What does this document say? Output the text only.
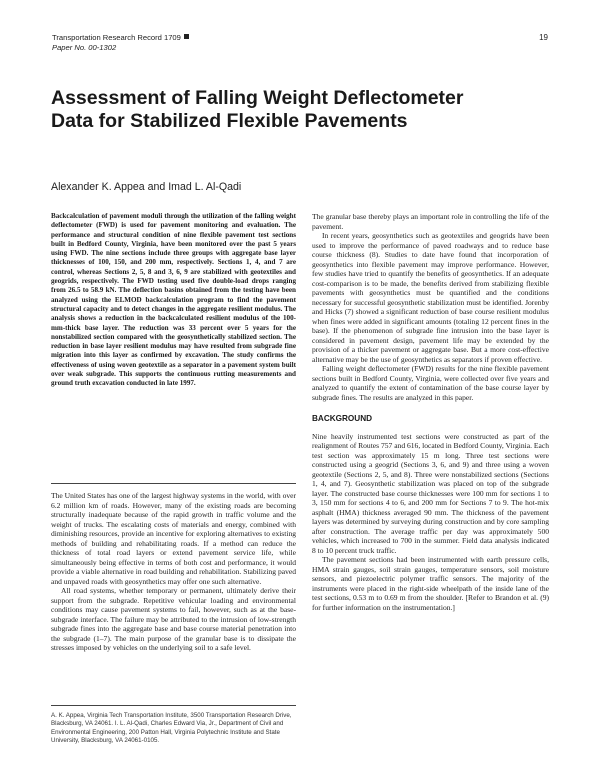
Transportation Research Record 1709
Paper No. 00-1302
19
Assessment of Falling Weight Deflectometer Data for Stabilized Flexible Pavements
Alexander K. Appea and Imad L. Al-Qadi

Backcalculation of pavement moduli through the utilization of the falling weight deflectometer (FWD) is used for pavement monitoring and evaluation. The performance and structural condition of nine flexible pavement test sections built in Bedford County, Virginia, have been monitored over the past 5 years using FWD. The nine sections include three groups with aggregate base layer thicknesses of 100, 150, and 200 mm, respectively. Sections 1, 4, and 7 are control, whereas Sections 2, 5, 8 and 3, 6, 9 are stabilized with geotextiles and geogrids, respectively. The FWD testing used five double-load drops ranging from 26.5 to 58.9 kN. The deflection basins obtained from the testing have been analyzed using the ELMOD backcalculation program to find the pavement structural capacity and to detect changes in the aggregate resilient modulus. The analysis shows a reduction in the backcalculated resilient modulus of the 100-mm-thick base layer. The reduction was 33 percent over 5 years for the nonstabilized section compared with the geosynthetically stabilized section. The reduction in base layer resilient modulus may have resulted from subgrade fine migration into this layer as confirmed by excavation. The study confirms the effectiveness of using woven geotextile as a separator in a pavement system built over weak subgrade. This supports the continuous rutting measurements and ground truth excavation conducted in late 1997.

The United States has one of the largest highway systems in the world, with over 6.2 million km of roads. However, many of the existing roads are becoming structurally inadequate because of the rapid growth in traffic volume and the weight of trucks. The escalating costs of materials and energy, combined with diminishing resources, provide an incentive for exploring alternatives to existing methods of building and rehabilitating roads. If a method can reduce the thickness of total road layers or extend pavement service life, while simultaneously being effective in terms of both cost and performance, it would provide a viable alternative in road building and rehabilitation. Stabilizing paved and unpaved roads with geosynthetics may offer one such alternative.

All road systems, whether temporary or permanent, ultimately derive their support from the subgrade. Repetitive vehicular loading and environmental conditions may cause pavement systems to fail, however, such as at the base-subgrade interface. The failure may be attributed to the intrusion of low-strength subgrade fines into the aggregate base and base course material penetration into the subgrade (1–7). The main purpose of the granular base is to dissipate the stresses imposed by vehicles on the underlying soil to a safe level.

A. K. Appea, Virginia Tech Transportation Institute, 3500 Transportation Research Drive, Blacksburg, VA 24061. I. L. Al-Qadi, Charles Edward Via, Jr., Department of Civil and Environmental Engineering, 200 Patton Hall, Virginia Polytechnic Institute and State University, Blacksburg, VA 24061-0105.

The granular base thereby plays an important role in controlling the life of the pavement.

In recent years, geosynthetics such as geotextiles and geogrids have been used to improve the performance of paved roadways and to reduce base course thickness (8). Studies to date have found that incorporation of geosynthetics into flexible pavement may improve performance. However, few studies have tried to quantify the benefits of geosynthetics. If an adequate cost-comparison is to be made, the benefits derived from stabilizing flexible pavements with geosynthetics must be quantified and the conditions necessary for successful geosynthetic stabilization must be identified. Jorenby and Hicks (7) showed a significant reduction of base course resilient modulus when fines were added in significant amounts (totaling 12 percent fines in the base). If the phenomenon of subgrade fine intrusion into the base layer is considered in pavement design, pavement life may be extended by the provision of a thicker pavement or aggregate base. But a more cost-effective alternative may be the use of geosynthetics as separators if proven effective.

Falling weight deflectometer (FWD) results for the nine flexible pavement sections built in Bedford County, Virginia, were collected over five years and analyzed to quantify the extent of contamination of the base course layer by subgrade fines. The results are analyzed in this paper.

BACKGROUND

Nine heavily instrumented test sections were constructed as part of the realignment of Routes 757 and 616, located in Bedford County, Virginia. Each test section was approximately 15 m long. Three test sections were constructed using a geogrid (Sections 3, 6, and 9) and three using a woven geotextile (Sections 2, 5, and 8). Three were nonstabilized sections (Sections 1, 4, and 7). Geosynthetic stabilization was placed on top of the subgrade layer. The constructed base course thicknesses were 100 mm for sections 1 to 3, 150 mm for sections 4 to 6, and 200 mm for Sections 7 to 9. The hot-mix asphalt (HMA) thickness averaged 90 mm. The thickness of the pavement layers was determined by surveying during construction and by core sampling after construction. The average traffic per day was approximately 500 vehicles, which increased to 700 in the summer. Field data analysis indicated 8 to 10 percent truck traffic.

The pavement sections had been instrumented with earth pressure cells, HMA strain gauges, soil strain gauges, temperature sensors, soil moisture sensors, and piezoelectric polymer traffic sensors. The majority of the instruments were placed in the right-side wheelpath of the inside lane of the test sections, 0.53 m to 0.69 m from the shoulder. [Refer to Brandon et al. (9) for further information on the instrumentation.]
